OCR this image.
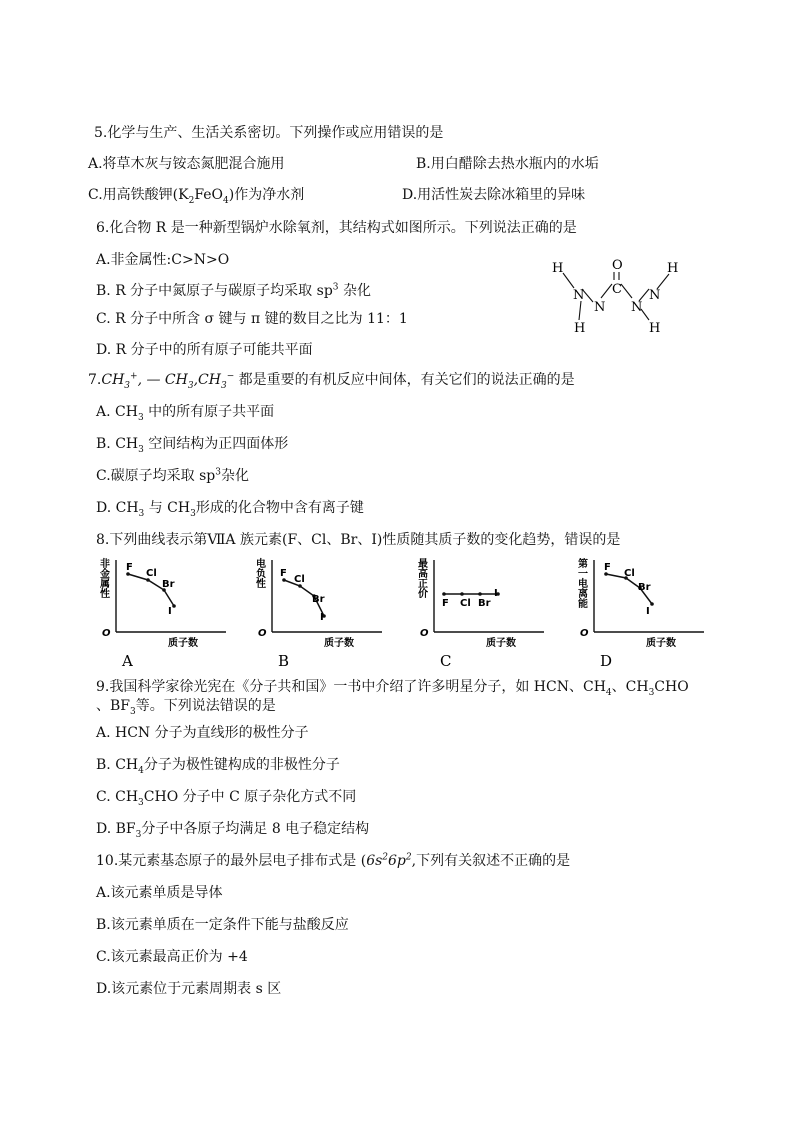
5.化学与生产、生活关系密切。下列操作或应用错误的是
A.将草木灰与铵态氮肥混合施用	B.用白醋除去热水瓶内的水垢
C.用高铁酸钾$(K_2FeO_4)$作为净水剂	D.用活性炭去除冰箱里的异味
6.化合物 R 是一种新型锅炉水除氧剂，其结构式如图所示。下列说法正确的是
A.非金属性:C>N>O
B. R 分子中氮原子与碳原子均采取 $sp^3$ 杂化
C. R 分子中所含 σ 键与 π 键的数目之比为 11：1
D. R 分子中的所有原子可能共平面
H
N
N
H
O
C
N
N
H
H
$7.CH_3^+$, — $CH_3,CH_3^-$ 都是重要的有机反应中间体，有关它们的说法正确的是
A. $CH_3$ 中的所有原子共平面
B. $CH_3$ 空间结构为正四面体形
C.碳原子均采取 $sp^3$杂化
D. $CH_3$ 与 $CH_3$形成的化合物中含有离子键
8.下列曲线表示第ⅦA 族元素(F、Cl、Br、I)性质随其质子数的变化趋势，错误的是
非
金
属
性
O
质子数
A
F
Cl
Br
I
电
负
性
O
质子数
B
F
Cl
Br
I
最
高
正
价
O
质子数
C
F Cl Br
I
第
一
电
离
能
O
质子数
D
F
Cl
Br
I
9.我国科学家徐光宪在《分子共和国》一书中介绍了许多明星分子，如 HCN、$CH_4$、$CH_3CHO$
、$BF_3$等。下列说法错误的是
A. HCN 分子为直线形的极性分子
B. $CH_4$分子为极性键构成的非极性分子
C. $CH_3CHO$ 分子中 C 原子杂化方式不同
D. $BF_3$分子中各原子均满足 8 电子稳定结构
10.某元素基态原子的最外层电子排布式是 ($6s^26p^2$,下列有关叙述不正确的是
A.该元素单质是导体
B.该元素单质在一定条件下能与盐酸反应
C.该元素最高正价为 +4
D.该元素位于元素周期表 s 区
